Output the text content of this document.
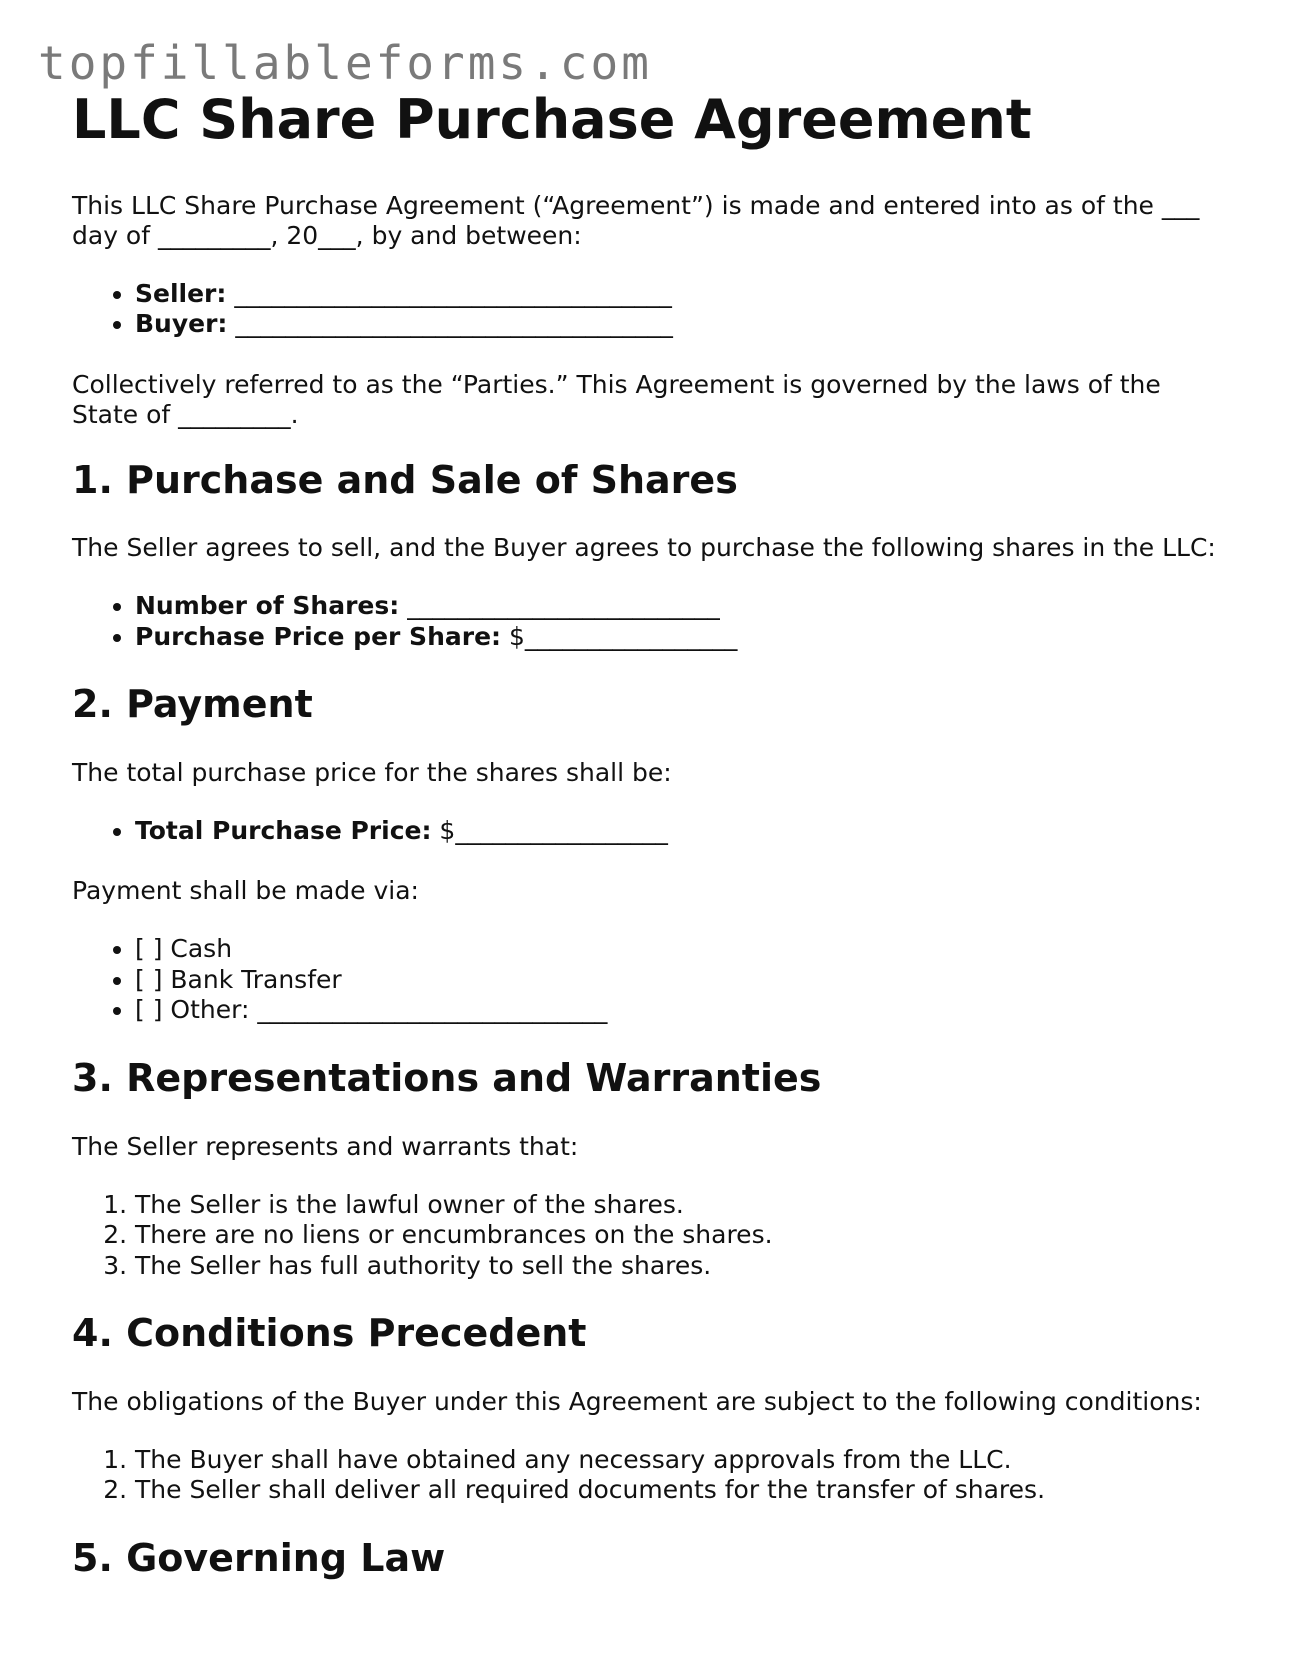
topfillableforms.com
LLC Share Purchase Agreement

This LLC Share Purchase Agreement (“Agreement”) is made and entered into as of the ___ day of _________, 20___, by and between:

• Seller: ___________________________________
• Buyer: ___________________________________

Collectively referred to as the “Parties.” This Agreement is governed by the laws of the State of _________.

1. Purchase and Sale of Shares

The Seller agrees to sell, and the Buyer agrees to purchase the following shares in the LLC:

• Number of Shares: _________________________
• Purchase Price per Share: $_________________
2. Payment

The total purchase price for the shares shall be:

• Total Purchase Price: $_________________

Payment shall be made via:

• [ ] Cash
• [ ] Bank Transfer
• [ ] Other: ____________________________
3. Representations and Warranties

The Seller represents and warrants that:

1. The Seller is the lawful owner of the shares.
2. There are no liens or encumbrances on the shares.
3. The Seller has full authority to sell the shares.
4. Conditions Precedent

The obligations of the Buyer under this Agreement are subject to the following conditions:

1. The Buyer shall have obtained any necessary approvals from the LLC.
2. The Seller shall deliver all required documents for the transfer of shares.
5. Governing Law
